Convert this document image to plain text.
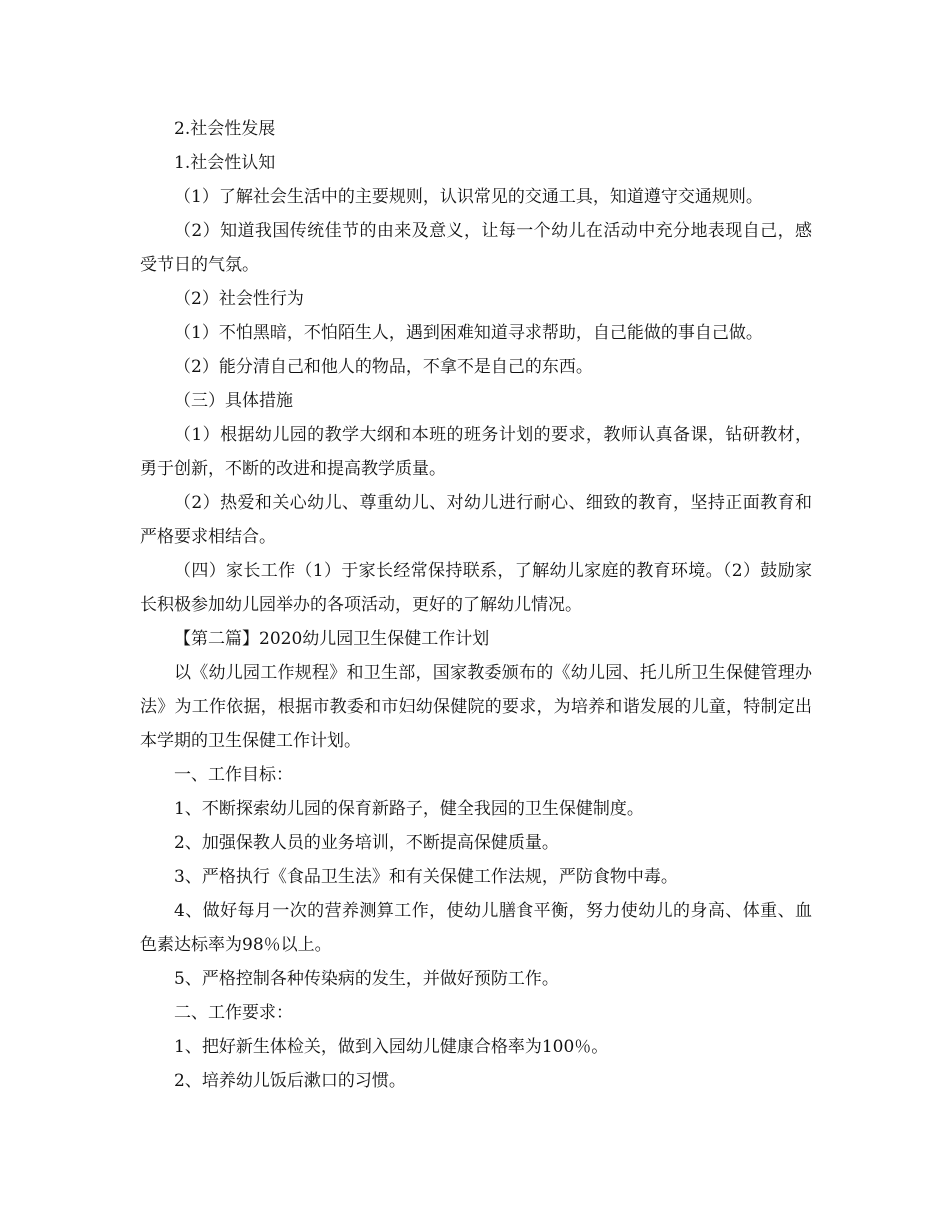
2.社会性发展

1.社会性认知

（1）了解社会生活中的主要规则，认识常见的交通工具，知道遵守交通规则。

（2）知道我国传统佳节的由来及意义，让每一个幼儿在活动中充分地表现自己，感受节日的气氛。

（2）社会性行为

（1）不怕黑暗，不怕陌生人，遇到困难知道寻求帮助，自己能做的事自己做。

（2）能分清自己和他人的物品，不拿不是自己的东西。

（三）具体措施

（1）根据幼儿园的教学大纲和本班的班务计划的要求，教师认真备课，钻研教材，勇于创新，不断的改进和提高教学质量。

（2）热爱和关心幼儿、尊重幼儿、对幼儿进行耐心、细致的教育，坚持正面教育和严格要求相结合。

（四）家长工作（1）于家长经常保持联系，了解幼儿家庭的教育环境。（2）鼓励家长积极参加幼儿园举办的各项活动，更好的了解幼儿情况。

【第二篇】2020幼儿园卫生保健工作计划

以《幼儿园工作规程》和卫生部，国家教委颁布的《幼儿园、托儿所卫生保健管理办法》为工作依据，根据市教委和市妇幼保健院的要求，为培养和谐发展的儿童，特制定出本学期的卫生保健工作计划。

一、工作目标：

1、不断探索幼儿园的保育新路子，健全我园的卫生保健制度。

2、加强保教人员的业务培训，不断提高保健质量。

3、严格执行《食品卫生法》和有关保健工作法规，严防食物中毒。

4、做好每月一次的营养测算工作，使幼儿膳食平衡，努力使幼儿的身高、体重、血色素达标率为98％以上。

5、严格控制各种传染病的发生，并做好预防工作。

二、工作要求：

1、把好新生体检关，做到入园幼儿健康合格率为100％。

2、培养幼儿饭后漱口的习惯。
